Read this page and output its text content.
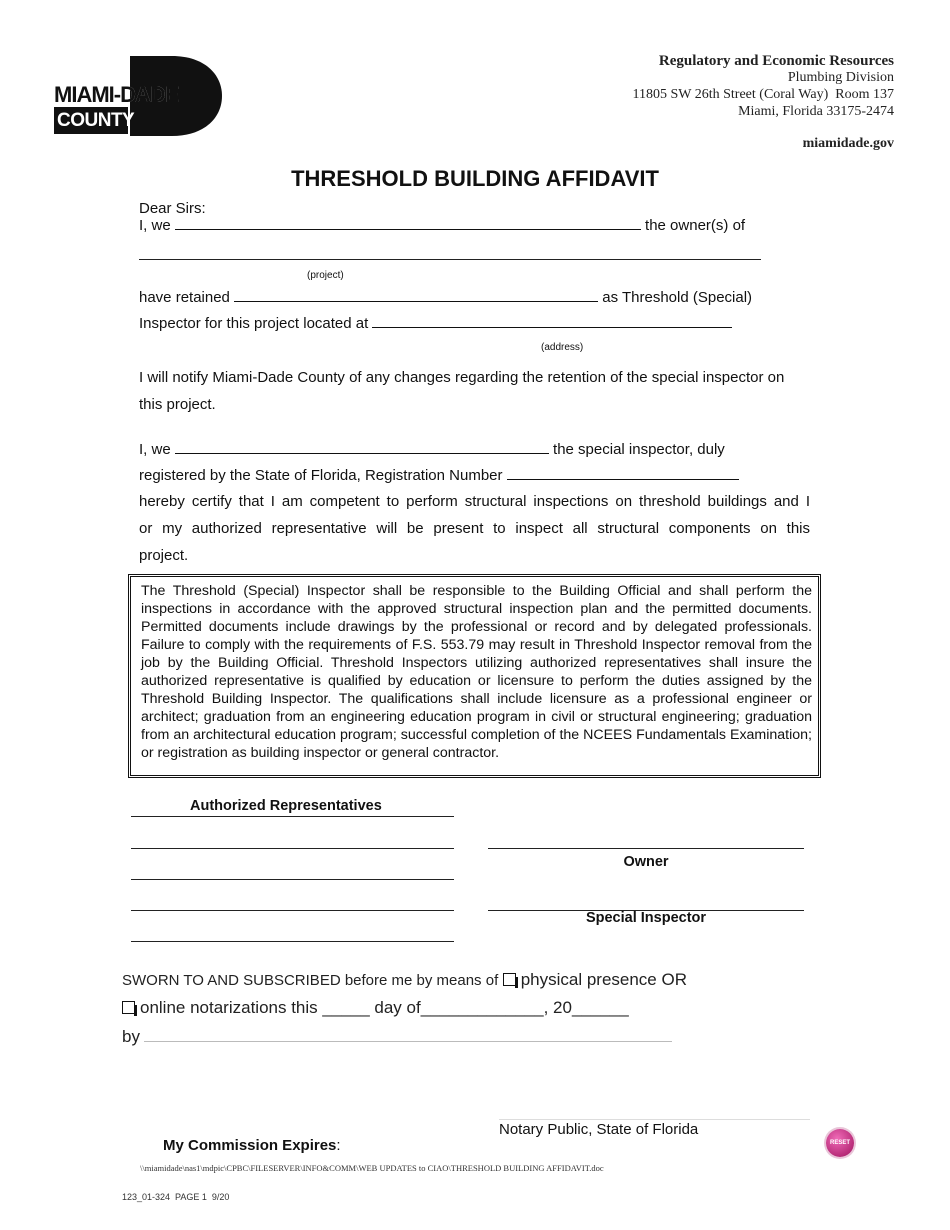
MIAMI-DADE
COUNTY
Regulatory and Economic Resources
Plumbing Division
11805 SW 26th Street (Coral Way)  Room 137
Miami, Florida 33175-2474
miamidade.gov
THRESHOLD BUILDING AFFIDAVIT
Dear Sirs:
I, we	the owner(s) of
(project)
have retained	as Threshold (Special)
Inspector for this project located at
(address)
I will notify Miami-Dade County of any changes regarding the retention of the special inspector on
this project.
I, we	the special inspector, duly
registered by the State of Florida, Registration Number
hereby certify that I am competent to perform structural inspections on threshold buildings and I
or my authorized representative will be present to inspect all structural components on this
project.

The Threshold (Special) Inspector shall be responsible to the Building Official and shall perform the inspections in accordance with the approved structural inspection plan and the permitted documents. Permitted documents include drawings by the professional or record and by delegated professionals. Failure to comply with the requirements of F.S. 553.79 may result in Threshold Inspector removal from the job by the Building Official. Threshold Inspectors utilizing authorized representatives shall insure the authorized representative is qualified by education or licensure to perform the duties assigned by the Threshold Building Inspector. The qualifications shall include licensure as a professional engineer or architect; graduation from an engineering education program in civil or structural engineering; graduation from an architectural education program; successful completion of the NCEES Fundamentals Examination; or registration as building inspector or general contractor.

Authorized Representatives
Owner
Special Inspector
SWORN TO AND SUBSCRIBED before me by means of physical presence OR
online notarizations this _____ day of_____________, 20______
by
Notary Public, State of Florida
My Commission Expires:	RESET
\\miamidade\nas1\mdpic\CPBC\FILESERVER\INFO&COMM\WEB UPDATES to CIAO\THRESHOLD BUILDING AFFIDAVIT.doc
123_01-324  PAGE 1  9/20
